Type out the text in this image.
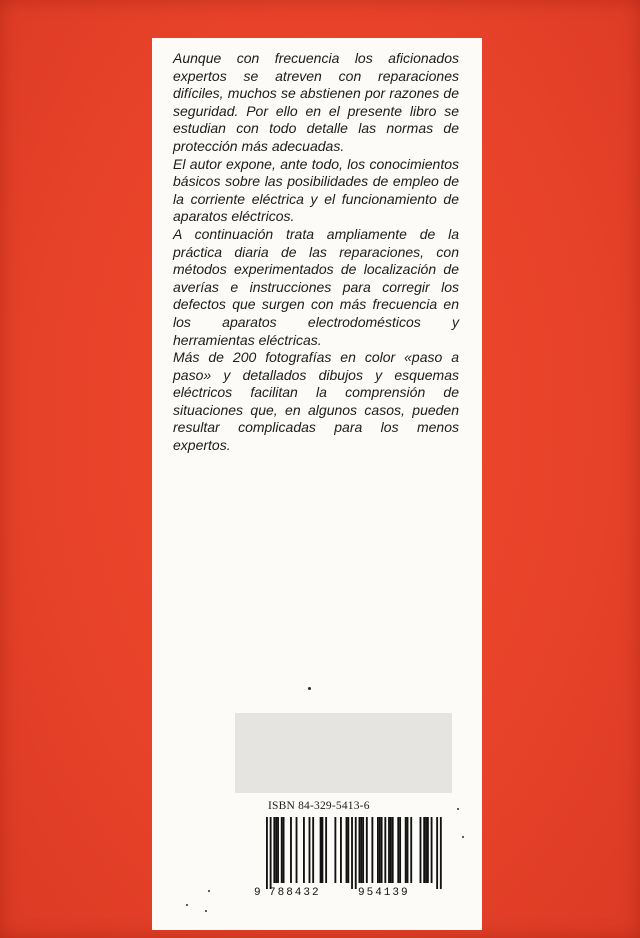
Aunque con frecuencia los aficionados expertos se atreven con reparaciones difíciles, muchos se abstienen por razones de seguridad. Por ello en el presente libro se estudian con todo detalle las normas de protección más adecuadas.

El autor expone, ante todo, los conocimientos básicos sobre las posibilidades de empleo de la corriente eléctrica y el funcionamiento de aparatos eléctricos.

A continuación trata ampliamente de la práctica diaria de las reparaciones, con métodos experimentados de localización de averías e instrucciones para corregir los defectos que surgen con más frecuencia en los aparatos electrodomésticos y herramientas eléctricas.

Más de 200 fotografías en color «paso a paso» y detallados dibujos y esquemas eléctricos facilitan la comprensión de situaciones que, en algunos casos, pueden resultar complicadas para los menos expertos.

ISBN 84-329-5413-6
9 788432	954139
